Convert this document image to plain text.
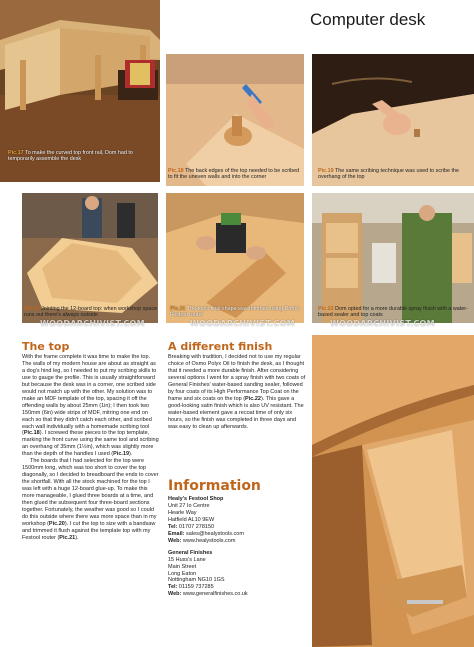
Pic.17 To make the curved top front rail, Dom had to temporarily assemble the desk
Computer desk
Pic.18 The back edges of the top needed to be scribed to fit the uneven walls and into the corner
Pic.19 The same scribing technique was used to scribe the overhang of the top
Pic.20 Jointing the 12-board top: when workshop space runs out there's always outside
Pic.21 The top's final shape was trimmed using Dom's Festool router
Pic.22 Dom opted for a more durable spray finish with a water-based sealer and top coats
WOODARCHIVIST.COM	WOODARCHIVIST.COM	WOODARCHIVIST.COM
The top

With the frame complete it was time to make the top. The walls of my modern house are about as straight as a dog's hind leg, so I needed to put my scribing skills to use to gauge the profile. This is usually straightforward but because the desk was in a corner, one scribed side would not match up with the other. My solution was to make an MDF template of the top, spacing it off the offending walls by about 25mm (1in); I then took two 150mm (6in) wide strips of MDF, mitring one end on each so that they didn't catch each other, and scribed each wall individually with a homemade scribing tool (Pic.18). I screwed these pieces to the top template, marking the front curve using the same tool and scribing an overhang of 35mm (1½in), which was slightly more than the depth of the handles I used (Pic.19).

The boards that I had selected for the top were 1500mm long, which was too short to cover the top diagonally, so I decided to breadboard the ends to cover the shortfall. With all the stock machined for the top I was left with a huge 12-board glue-up. To make this more manageable, I glued three boards at a time, and then glued the subsequent four three-board sections together. Fortunately, the weather was good so I could do this outside where there was more space than in my workshop (Pic.20). I cut the top to size with a bandsaw and trimmed it flush against the template top with my Festool router (Pic.21).

A different finish

Breaking with tradition, I decided not to use my regular choice of Osmo Polyx Oil to finish the desk, as I thought that it needed a more durable finish. After considering several options I went for a spray finish with two coats of General Finishes' water-based sanding sealer, followed by four coats of its High Performance Top Coat on the frame and six coats on the top (Pic.22). This gave a good-looking satin finish which is also UV resistant. The water-based element gave a recoat time of only six hours, so the finish was completed in three days and was easy to clean up afterwards.

Information
Healy's Festool Shop
Unit 27 Io Centre
Hearle Way
Hatfield AL10 9EW
Tel: 01707 278150
Email: sales@healystools.com
Web: www.healystools.com
General Finishes
15 Huss's Lane
Main Street
Long Eaton
Nottingham NG10 1GS
Tel: 01159 737285
Web: www.generalfinishes.co.uk
